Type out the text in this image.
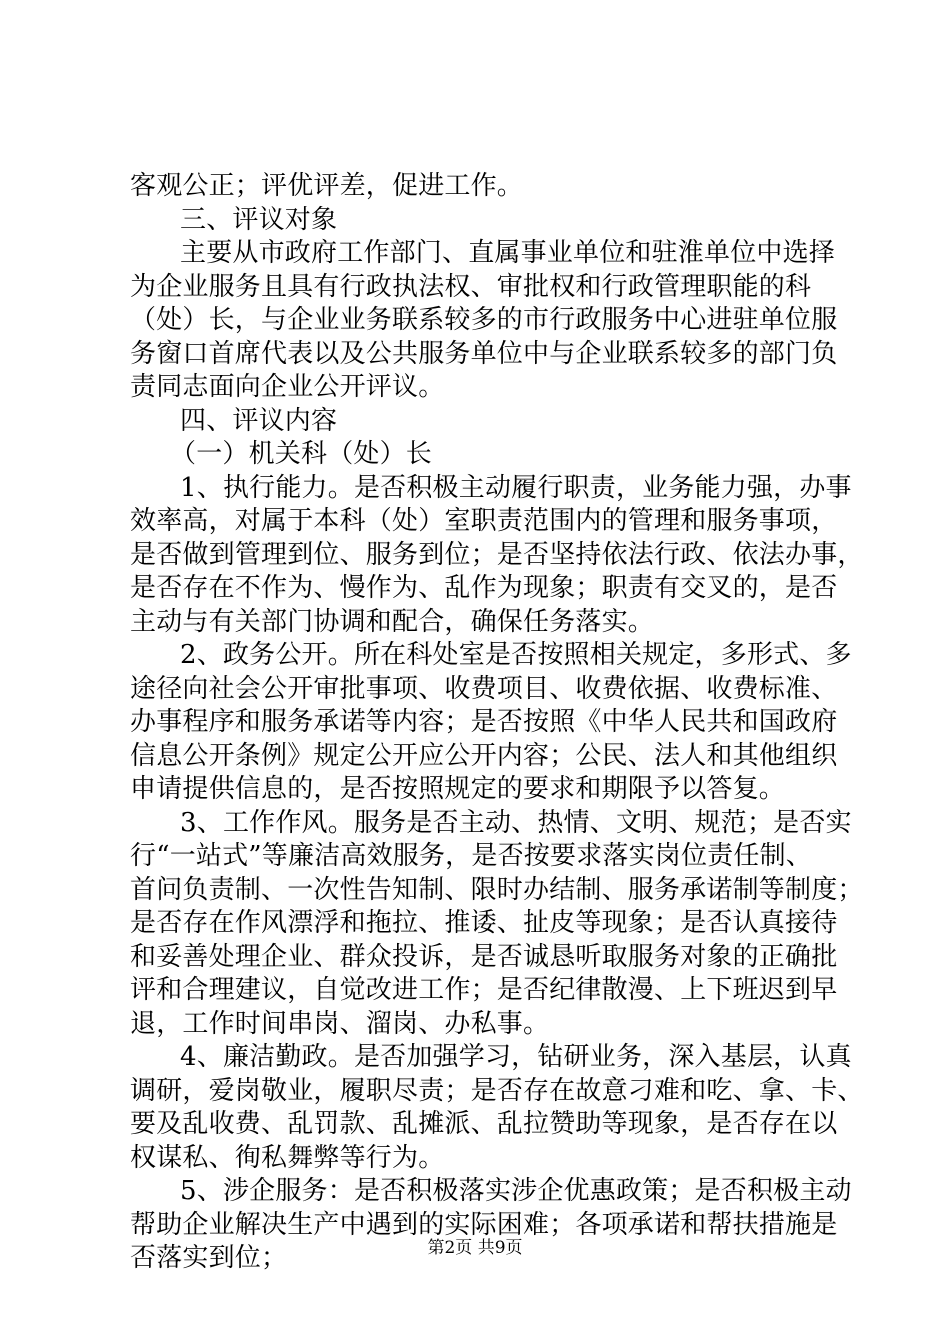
客观公正；评优评差，促进工作。
三、评议对象
主要从市政府工作部门、直属事业单位和驻淮单位中选择
为企业服务且具有行政执法权、审批权和行政管理职能的科
（处）长，与企业业务联系较多的市行政服务中心进驻单位服
务窗口首席代表以及公共服务单位中与企业联系较多的部门负
责同志面向企业公开评议。
四、评议内容
（一）机关科（处）长
1、执行能力。是否积极主动履行职责，业务能力强，办事
效率高，对属于本科（处）室职责范围内的管理和服务事项，
是否做到管理到位、服务到位；是否坚持依法行政、依法办事，
是否存在不作为、慢作为、乱作为现象；职责有交叉的，是否
主动与有关部门协调和配合，确保任务落实。
2、政务公开。所在科处室是否按照相关规定，多形式、多
途径向社会公开审批事项、收费项目、收费依据、收费标准、
办事程序和服务承诺等内容；是否按照《中华人民共和国政府
信息公开条例》规定公开应公开内容；公民、法人和其他组织
申请提供信息的，是否按照规定的要求和期限予以答复。
3、工作作风。服务是否主动、热情、文明、规范；是否实
行“一站式”等廉洁高效服务，是否按要求落实岗位责任制、
首问负责制、一次性告知制、限时办结制、服务承诺制等制度；
是否存在作风漂浮和拖拉、推诿、扯皮等现象；是否认真接待
和妥善处理企业、群众投诉，是否诚恳听取服务对象的正确批
评和合理建议，自觉改进工作；是否纪律散漫、上下班迟到早
退，工作时间串岗、溜岗、办私事。
4、廉洁勤政。是否加强学习，钻研业务，深入基层，认真
调研，爱岗敬业，履职尽责；是否存在故意刁难和吃、拿、卡、
要及乱收费、乱罚款、乱摊派、乱拉赞助等现象，是否存在以
权谋私、徇私舞弊等行为。
5、涉企服务：是否积极落实涉企优惠政策；是否积极主动
帮助企业解决生产中遇到的实际困难；各项承诺和帮扶措施是
否落实到位；	第2页 共9页
